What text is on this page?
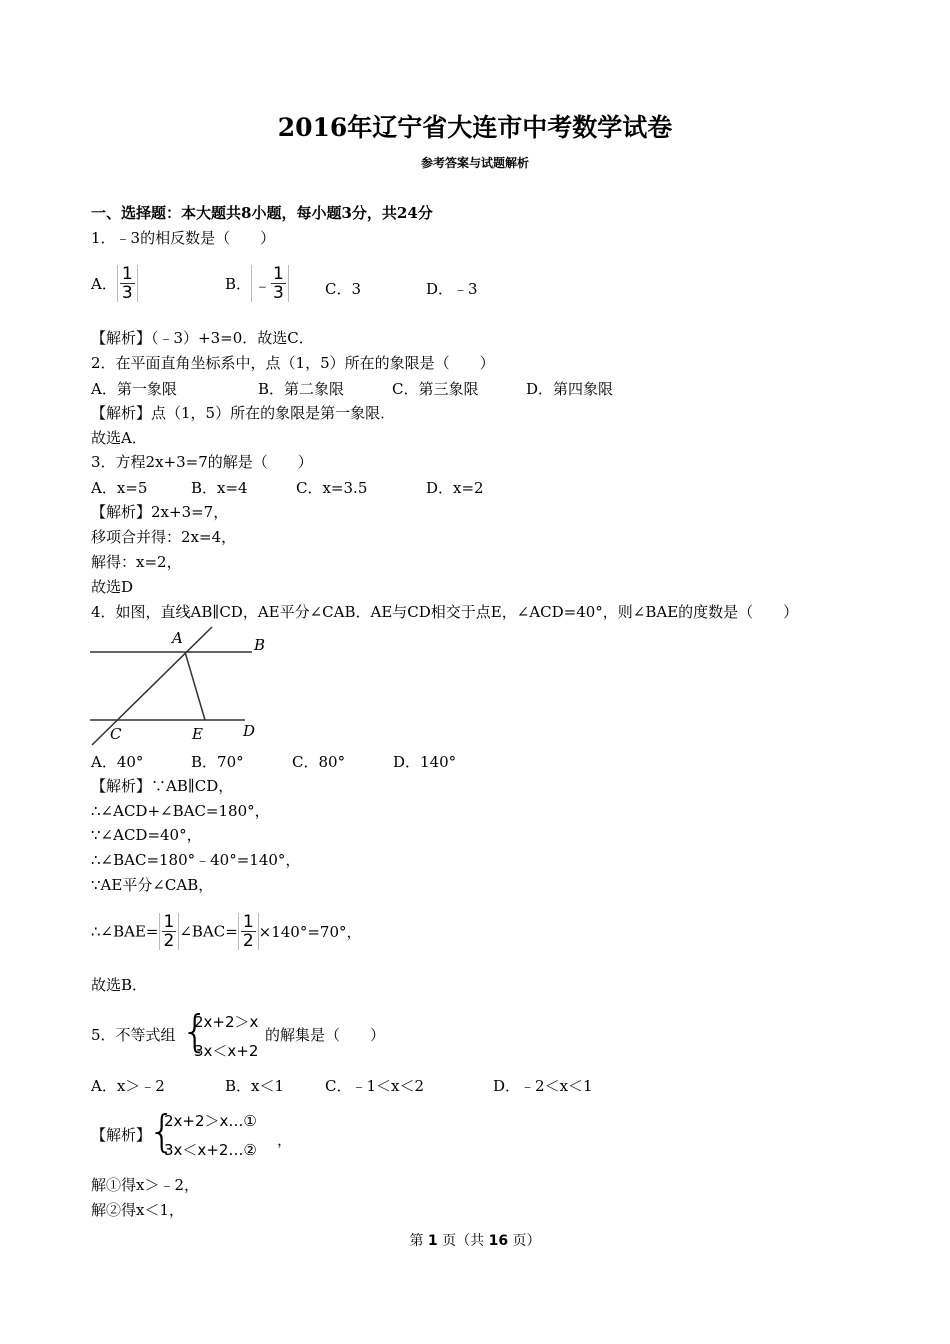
2016年辽宁省大连市中考数学试卷
参考答案与试题解析
一、选择题：本大题共8小题，每小题3分，共24分
1．﹣3的相反数是（　　）
A． $\frac{1}{3}$	B． ﹣ $\frac{1}{3}$	C．3	D．﹣3
【解析】（﹣3）+3=0．故选C．
2．在平面直角坐标系中，点（1，5）所在的象限是（　　）
A．第一象限	B．第二象限	C．第三象限	D．第四象限
【解析】点（1，5）所在的象限是第一象限．
故选A．
3．方程2x+3=7的解是（　　）
A．x=5	B．x=4	C．x=3.5	D．x=2
【解析】2x+3=7，
移项合并得：2x=4，
解得：x=2，
故选D
4．如图，直线AB∥CD，AE平分∠CAB．AE与CD相交于点E，∠ACD=40°，则∠BAE的度数是（　　）
A	B
C	D
E
A．40°	B．70°	C．80°	D．140°
【解析】∵AB∥CD，
∴∠ACD+∠BAC=180°，
∵∠ACD=40°，
∴∠BAC=180°﹣40°=140°，
∵AE平分∠CAB，
∴∠BAE= $\frac{1}{2}$ ∠BAC= $\frac{1}{2} \times 140^\circ=70^\circ$，
故选B．
5．不等式组 {
2x+2＞x
3x＜x+2
的解集是（　　）
A．x＞﹣2	B．x＜1	C．﹣1＜x＜2	D．﹣2＜x＜1
【解析】
{
2x+2＞x…①
3x＜x+2…②
，
解①得x＞﹣2，
解②得x＜1，
第 1 页（共 16 页）
